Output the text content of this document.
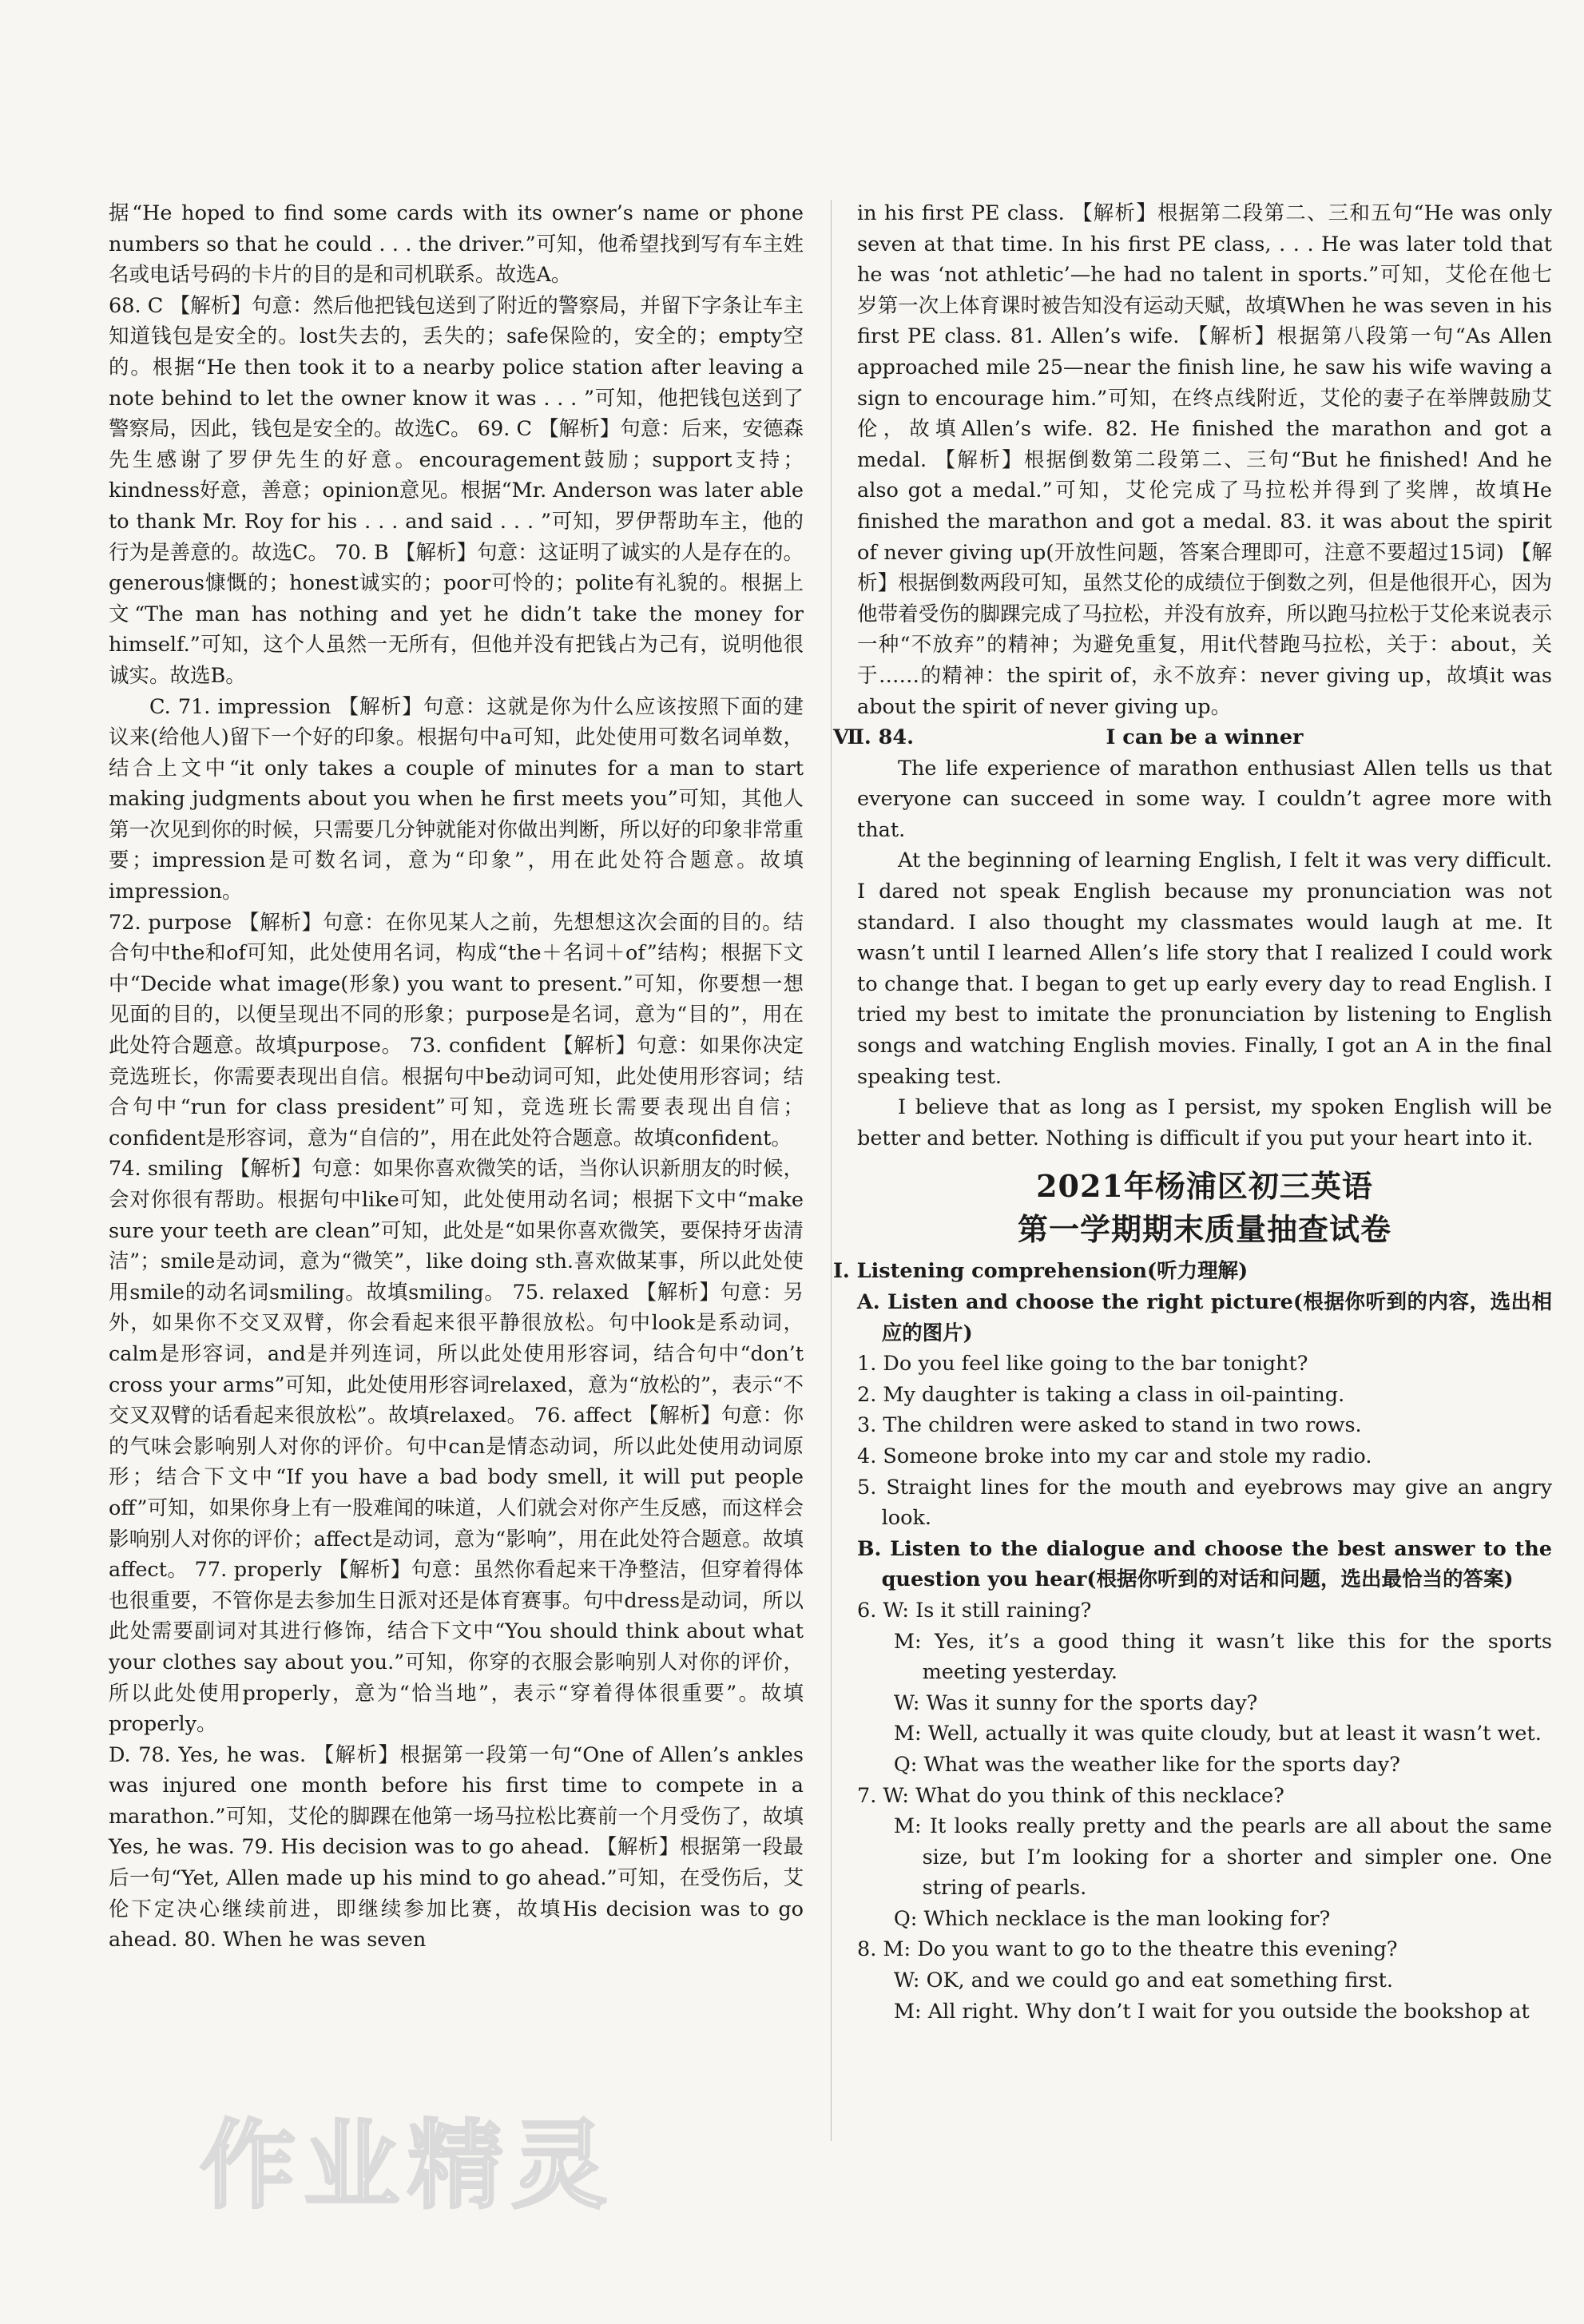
据“He hoped to find some cards with its owner’s name or phone numbers so that he could . . . the driver.”可知，他希望找到写有车主姓名或电话号码的卡片的目的是和司机联系。故选A。

68. C 【解析】句意：然后他把钱包送到了附近的警察局，并留下字条让车主知道钱包是安全的。lost失去的，丢失的；safe保险的，安全的；empty空的。根据“He then took it to a nearby police station after leaving a note behind to let the owner know it was . . . ”可知，他把钱包送到了警察局，因此，钱包是安全的。故选C。 69. C 【解析】句意：后来，安德森先生感谢了罗伊先生的好意。encouragement鼓励；support支持；kindness好意，善意；opinion意见。根据“Mr. Anderson was later able to thank Mr. Roy for his . . . and said . . . ”可知，罗伊帮助车主，他的行为是善意的。故选C。 70. B 【解析】句意：这证明了诚实的人是存在的。generous慷慨的；honest诚实的；poor可怜的；polite有礼貌的。根据上文“The man has nothing and yet he didn’t take the money for himself.”可知，这个人虽然一无所有，但他并没有把钱占为己有，说明他很诚实。故选B。

C. 71. impression 【解析】句意：这就是你为什么应该按照下面的建议来(给他人)留下一个好的印象。根据句中a可知，此处使用可数名词单数，结合上文中“it only takes a couple of minutes for a man to start making judgments about you when he first meets you”可知，其他人第一次见到你的时候，只需要几分钟就能对你做出判断，所以好的印象非常重要；impression是可数名词，意为“印象”，用在此处符合题意。故填impression。

72. purpose 【解析】句意：在你见某人之前，先想想这次会面的目的。结合句中the和of可知，此处使用名词，构成“the＋名词＋of”结构；根据下文中“Decide what image(形象) you want to present.”可知，你要想一想见面的目的，以便呈现出不同的形象；purpose是名词，意为“目的”，用在此处符合题意。故填purpose。 73. confident 【解析】句意：如果你决定竞选班长，你需要表现出自信。根据句中be动词可知，此处使用形容词；结合句中“run for class president”可知，竞选班长需要表现出自信；confident是形容词，意为“自信的”，用在此处符合题意。故填confident。

74. smiling 【解析】句意：如果你喜欢微笑的话，当你认识新朋友的时候，会对你很有帮助。根据句中like可知，此处使用动名词；根据下文中“make sure your teeth are clean”可知，此处是“如果你喜欢微笑，要保持牙齿清洁”；smile是动词，意为“微笑”，like doing sth.喜欢做某事，所以此处使用smile的动名词smiling。故填smiling。 75. relaxed 【解析】句意：另外，如果你不交叉双臂，你会看起来很平静很放松。句中look是系动词，calm是形容词，and是并列连词，所以此处使用形容词，结合句中“don’t cross your arms”可知，此处使用形容词relaxed，意为“放松的”，表示“不交叉双臂的话看起来很放松”。故填relaxed。 76. affect 【解析】句意：你的气味会影响别人对你的评价。句中can是情态动词，所以此处使用动词原形；结合下文中“If you have a bad body smell, it will put people off”可知，如果你身上有一股难闻的味道，人们就会对你产生反感，而这样会影响别人对你的评价；affect是动词，意为“影响”，用在此处符合题意。故填affect。 77. properly 【解析】句意：虽然你看起来干净整洁，但穿着得体也很重要，不管你是去参加生日派对还是体育赛事。句中dress是动词，所以此处需要副词对其进行修饰，结合下文中“You should think about what your clothes say about you.”可知，你穿的衣服会影响别人对你的评价，所以此处使用properly，意为“恰当地”，表示“穿着得体很重要”。故填properly。

D. 78. Yes, he was. 【解析】根据第一段第一句“One of Allen’s ankles was injured one month before his first time to compete in a marathon.”可知，艾伦的脚踝在他第一场马拉松比赛前一个月受伤了，故填Yes, he was. 79. His decision was to go ahead. 【解析】根据第一段最后一句“Yet, Allen made up his mind to go ahead.”可知，在受伤后，艾伦下定决心继续前进，即继续参加比赛，故填His decision was to go ahead. 80. When he was seven

in his first PE class. 【解析】根据第二段第二、三和五句“He was only seven at that time. In his first PE class, . . . He was later told that he was ‘not athletic’—he had no talent in sports.”可知，艾伦在他七岁第一次上体育课时被告知没有运动天赋，故填When he was seven in his first PE class. 81. Allen’s wife. 【解析】根据第八段第一句“As Allen approached mile 25—near the finish line, he saw his wife waving a sign to encourage him.”可知，在终点线附近，艾伦的妻子在举牌鼓励艾伦，故填Allen’s wife. 82. He finished the marathon and got a medal. 【解析】根据倒数第二段第二、三句“But he finished! And he also got a medal.”可知，艾伦完成了马拉松并得到了奖牌，故填He finished the marathon and got a medal. 83. it was about the spirit of never giving up(开放性问题，答案合理即可，注意不要超过15词) 【解析】根据倒数两段可知，虽然艾伦的成绩位于倒数之列，但是他很开心，因为他带着受伤的脚踝完成了马拉松，并没有放弃，所以跑马拉松于艾伦来说表示一种“不放弃”的精神；为避免重复，用it代替跑马拉松，关于：about，关于……的精神：the spirit of，永不放弃：never giving up，故填it was about the spirit of never giving up。

Ⅶ. 84.	I can be a winner

The life experience of marathon enthusiast Allen tells us that everyone can succeed in some way. I couldn’t agree more with that.

At the beginning of learning English, I felt it was very difficult. I dared not speak English because my pronunciation was not standard. I also thought my classmates would laugh at me. It wasn’t until I learned Allen’s life story that I realized I could work to change that. I began to get up early every day to read English. I tried my best to imitate the pronunciation by listening to English songs and watching English movies. Finally, I got an A in the final speaking test.

I believe that as long as I persist, my spoken English will be better and better. Nothing is difficult if you put your heart into it.

2021年杨浦区初三英语

第一学期期末质量抽查试卷

Ⅰ. Listening comprehension(听力理解)

A. Listen and choose the right picture(根据你听到的内容，选出相应的图片)

1. Do you feel like going to the bar tonight?

2. My daughter is taking a class in oil-painting.

3. The children were asked to stand in two rows.

4. Someone broke into my car and stole my radio.

5. Straight lines for the mouth and eyebrows may give an angry look.

B. Listen to the dialogue and choose the best answer to the question you hear(根据你听到的对话和问题，选出最恰当的答案)

6. W: Is it still raining?

M: Yes, it’s a good thing it wasn’t like this for the sports meeting yesterday.

W: Was it sunny for the sports day?

M: Well, actually it was quite cloudy, but at least it wasn’t wet.

Q: What was the weather like for the sports day?

7. W: What do you think of this necklace?

M: It looks really pretty and the pearls are all about the same size, but I’m looking for a shorter and simpler one. One string of pearls.

Q: Which necklace is the man looking for?

8. M: Do you want to go to the theatre this evening?

W: OK, and we could go and eat something first.

M: All right. Why don’t I wait for you outside the bookshop at

作业精灵
